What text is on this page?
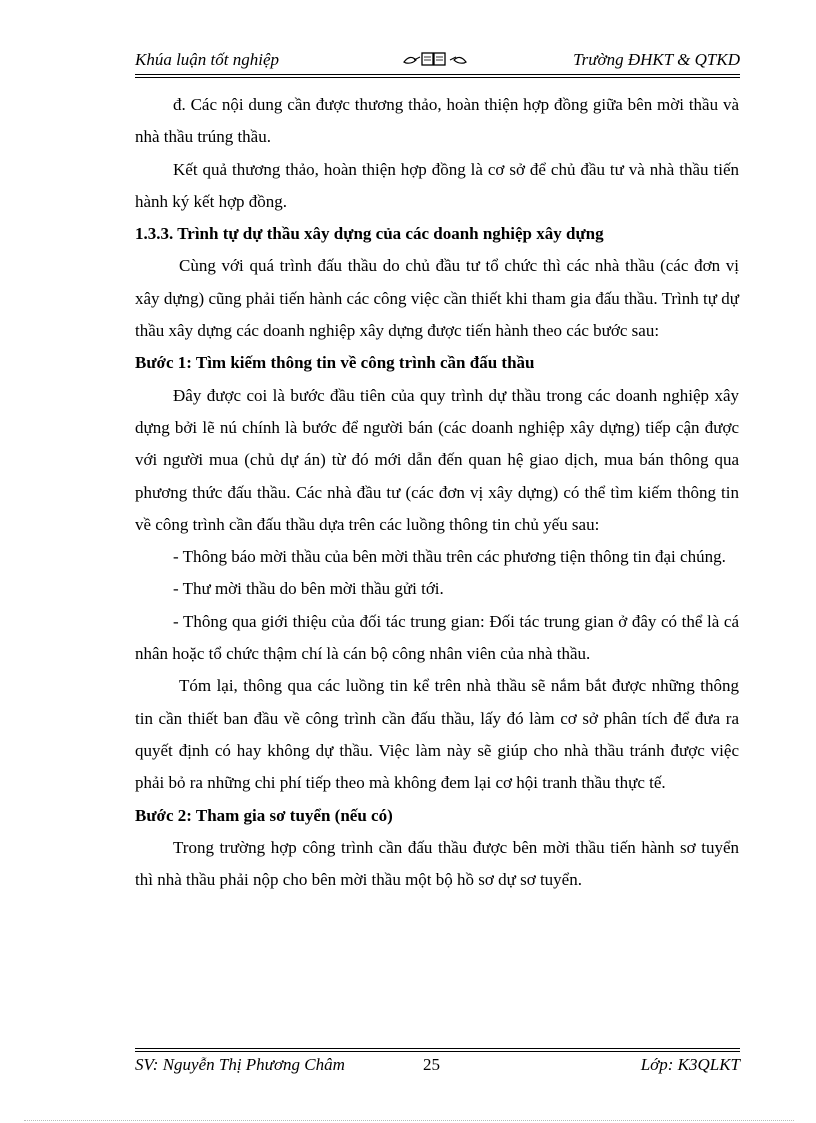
Khúa luận tốt nghiệp	Trường ĐHKT & QTKD

đ. Các nội dung cần được thương thảo, hoàn thiện hợp đồng giữa bên mời thầu và nhà thầu trúng thầu.

Kết quả thương thảo, hoàn thiện hợp đồng là cơ sở để chủ đầu tư và nhà thầu tiến hành ký kết hợp đồng.

1.3.3. Trình tự dự thầu xây dựng của các doanh nghiệp xây dựng

Cùng với quá trình đấu thầu do chủ đầu tư tổ chức thì các nhà thầu (các đơn vị xây dựng) cũng phải tiến hành các công việc cần thiết khi tham gia đấu thầu. Trình tự dự thầu xây dựng các doanh nghiệp xây dựng được tiến hành theo các bước sau:

Bước 1: Tìm kiếm thông tin về công trình cần đấu thầu

Đây được coi là bước đầu tiên của quy trình dự thầu trong các doanh nghiệp xây dựng bởi lẽ nú chính là bước để người bán (các doanh nghiệp xây dựng) tiếp cận được với người mua (chủ dự án) từ đó mới dẫn đến quan hệ giao dịch, mua bán thông qua phương thức đấu thầu. Các nhà đầu tư (các đơn vị xây dựng) có thể tìm kiếm thông tin về công trình cần đấu thầu dựa trên các luồng thông tin chủ yếu sau:

- Thông báo mời thầu của bên mời thầu trên các phương tiện thông tin đại chúng.

- Thư mời thầu do bên mời thầu gửi tới.

- Thông qua giới thiệu của đối tác trung gian: Đối tác trung gian ở đây có thể là cá nhân hoặc tổ chức thậm chí là cán bộ công nhân viên của nhà thầu.

Tóm lại, thông qua các luồng tin kể trên nhà thầu sẽ nắm bắt được những thông tin cần thiết ban đầu về công trình cần đấu thầu, lấy đó làm cơ sở phân tích để đưa ra quyết định có hay không dự thầu. Việc làm này sẽ giúp cho nhà thầu tránh được việc phải bỏ ra những chi phí tiếp theo mà không đem lại cơ hội tranh thầu thực tế.

Bước 2: Tham gia sơ tuyển (nếu có)

Trong trường hợp công trình cần đấu thầu được bên mời thầu tiến hành sơ tuyển thì nhà thầu phải nộp cho bên mời thầu một bộ hồ sơ dự sơ tuyển.

SV: Nguyễn Thị Phương Châm	25	Lớp: K3QLKT
